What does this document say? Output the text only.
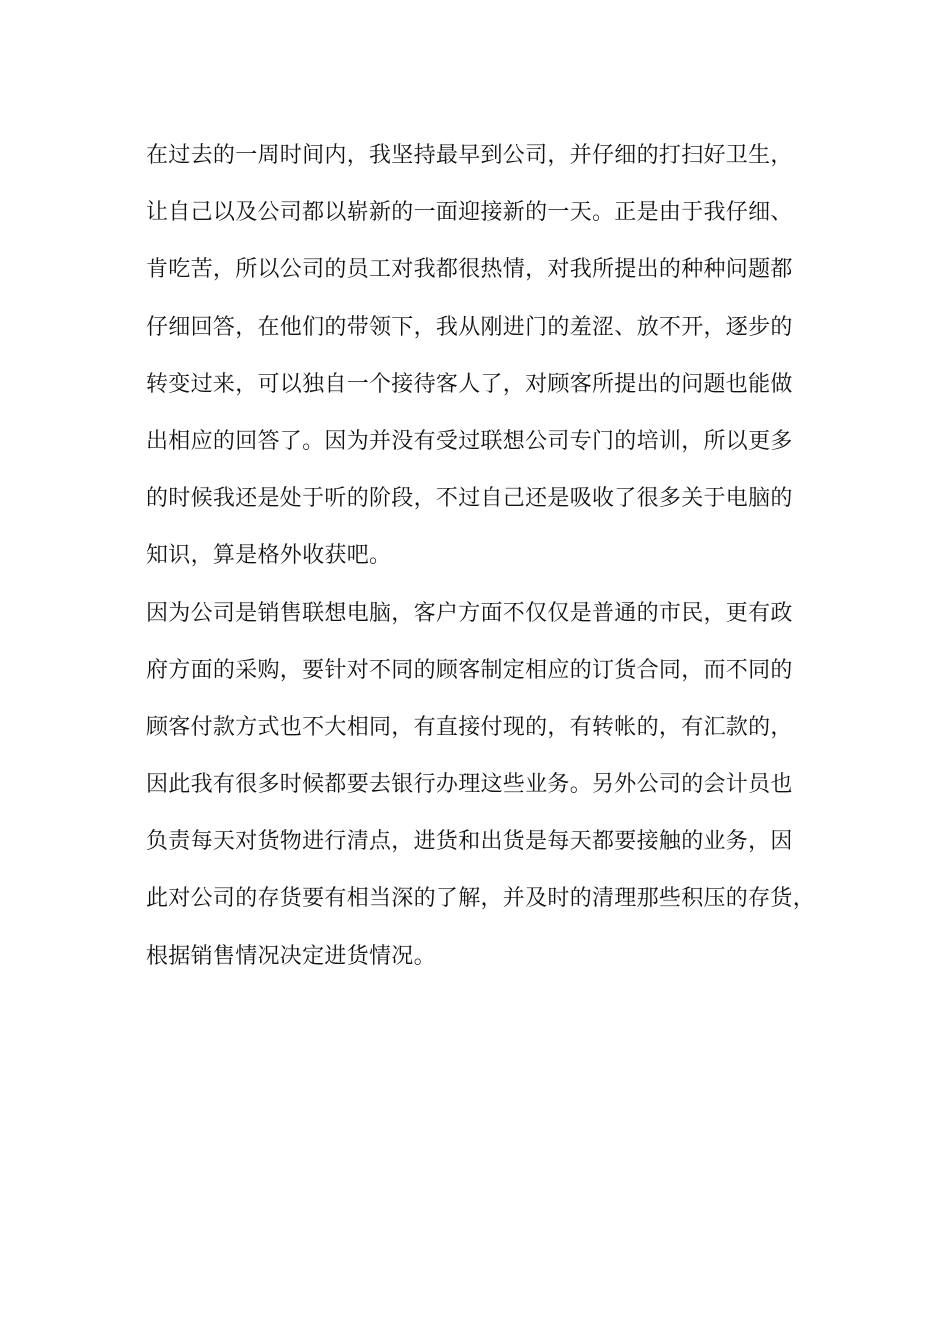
在过去的一周时间内，我坚持最早到公司，并仔细的打扫好卫生，
让自己以及公司都以崭新的一面迎接新的一天。正是由于我仔细、
肯吃苦，所以公司的员工对我都很热情，对我所提出的种种问题都
仔细回答，在他们的带领下，我从刚进门的羞涩、放不开，逐步的
转变过来，可以独自一个接待客人了，对顾客所提出的问题也能做
出相应的回答了。因为并没有受过联想公司专门的培训，所以更多
的时候我还是处于听的阶段，不过自己还是吸收了很多关于电脑的
知识，算是格外收获吧。
因为公司是销售联想电脑，客户方面不仅仅是普通的市民，更有政
府方面的采购，要针对不同的顾客制定相应的订货合同，而不同的
顾客付款方式也不大相同，有直接付现的，有转帐的，有汇款的，
因此我有很多时候都要去银行办理这些业务。另外公司的会计员也
负责每天对货物进行清点，进货和出货是每天都要接触的业务，因
此对公司的存货要有相当深的了解，并及时的清理那些积压的存货，
根据销售情况决定进货情况。
